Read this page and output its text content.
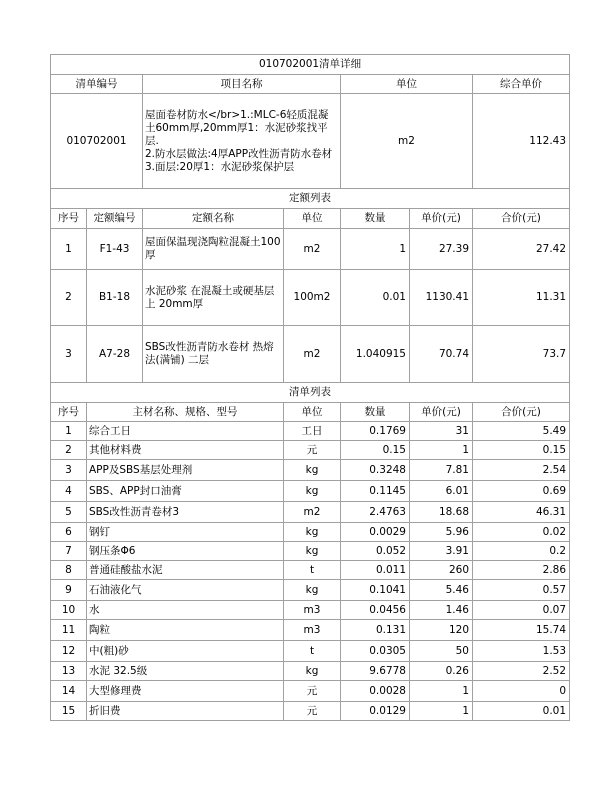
010702001清单详细						
清单编号		项目名称		单位		综合单价
010702001		屋面卷材防水</br>1.:MLC-6轻质混凝土60mm厚,20mm厚1：水泥砂浆找平层.
2.防水层做法:4厚APP改性沥青防水卷材
3.面层:20厚1：水泥砂浆保护层		m2		112.43
定额列表						
序号	定额编号	定额名称	单位	数量	单价(元)	合价(元)
1	F1-43	屋面保温现浇陶粒混凝土100厚	m2	1	27.39	27.42
2	B1-18	水泥砂浆 在混凝土或硬基层上 20mm厚	100m2	0.01	1130.41	11.31
3	A7-28	SBS改性沥青防水卷材 热熔法(满铺) 二层	m2	1.040915	70.74	73.7
清单列表						
序号	主材名称、规格、型号		单位	数量	单价(元)	合价(元)
1	综合工日		工日	0.1769	31	5.49
2	其他材料费		元	0.15	1	0.15
3	APP及SBS基层处理剂		kg	0.3248	7.81	2.54
4	SBS、APP封口油膏		kg	0.1145	6.01	0.69
5	SBS改性沥青卷材3		m2	2.4763	18.68	46.31
6	钢钉		kg	0.0029	5.96	0.02
7	钢压条Φ6		kg	0.052	3.91	0.2
8	普通硅酸盐水泥		t	0.011	260	2.86
9	石油液化气		kg	0.1041	5.46	0.57
10	水		m3	0.0456	1.46	0.07
11	陶粒		m3	0.131	120	15.74
12	中(粗)砂		t	0.0305	50	1.53
13	水泥 32.5级		kg	9.6778	0.26	2.52
14	大型修理费		元	0.0028	1	0
15	折旧费		元	0.0129	1	0.01
